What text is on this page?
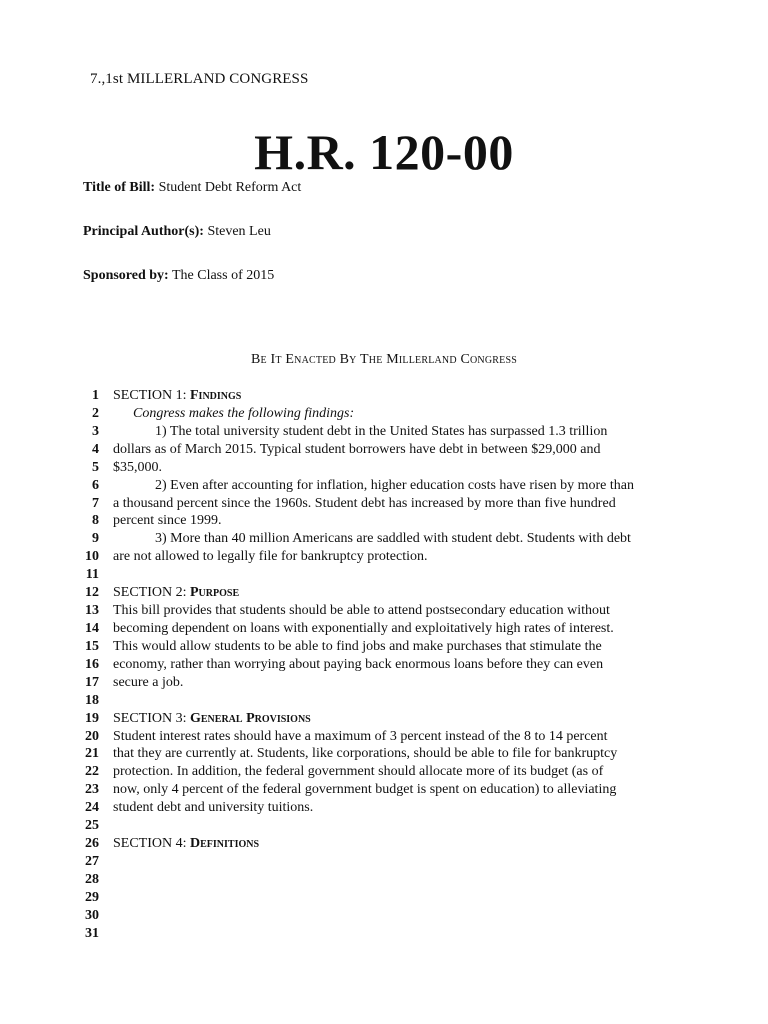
7.,1st MILLERLAND CONGRESS
H.R. 120-00
Title of Bill: Student Debt Reform Act
Principal Author(s): Steven Leu
Sponsored by: The Class of 2015
Be It Enacted By The Millerland Congress
1 SECTION 1: Findings
2 Congress makes the following findings:
3	1) The total university student debt in the United States has surpassed 1.3 trillion
4 dollars as of March 2015. Typical student borrowers have debt in between $29,000 and
5 $35,000.
6	2) Even after accounting for inflation, higher education costs have risen by more than
7 a thousand percent since the 1960s. Student debt has increased by more than five hundred
8 percent since 1999.
9	3) More than 40 million Americans are saddled with student debt. Students with debt
10 are not allowed to legally file for bankruptcy protection.
11
12 SECTION 2: Purpose
13 This bill provides that students should be able to attend postsecondary education without
14 becoming dependent on loans with exponentially and exploitatively high rates of interest.
15 This would allow students to be able to find jobs and make purchases that stimulate the
16 economy, rather than worrying about paying back enormous loans before they can even
17 secure a job.
18
19 SECTION 3: General Provisions
20 Student interest rates should have a maximum of 3 percent instead of the 8 to 14 percent
21 that they are currently at. Students, like corporations, should be able to file for bankruptcy
22 protection. In addition, the federal government should allocate more of its budget (as of
23 now, only 4 percent of the federal government budget is spent on education) to alleviating
24 student debt and university tuitions.
25
26 SECTION 4: Definitions
27
28
29
30
31
